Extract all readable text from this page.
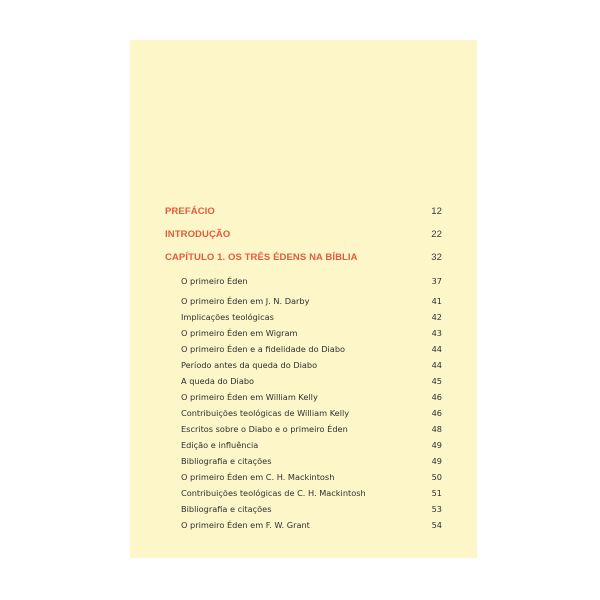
PREFÁCIO	12
INTRODUÇÃO	22
CAPÍTULO 1. OS TRÊS ÉDENS NA BÍBLIA	32
O primeiro Éden	37
O primeiro Éden em J. N. Darby	41
Implicações teológicas	42
O primeiro Éden em Wigram	43
O primeiro Éden e a fidelidade do Diabo	44
Período antes da queda do Diabo	44
A queda do Diabo	45
O primeiro Éden em William Kelly	46
Contribuições teológicas de William Kelly	46
Escritos sobre o Diabo e o primeiro Éden	48
Edição e influência	49
Bibliografia e citações	49
O primeiro Éden em C. H. Mackintosh	50
Contribuições teológicas de C. H. Mackintosh	51
Bibliografia e citações	53
O primeiro Éden em F. W. Grant	54
